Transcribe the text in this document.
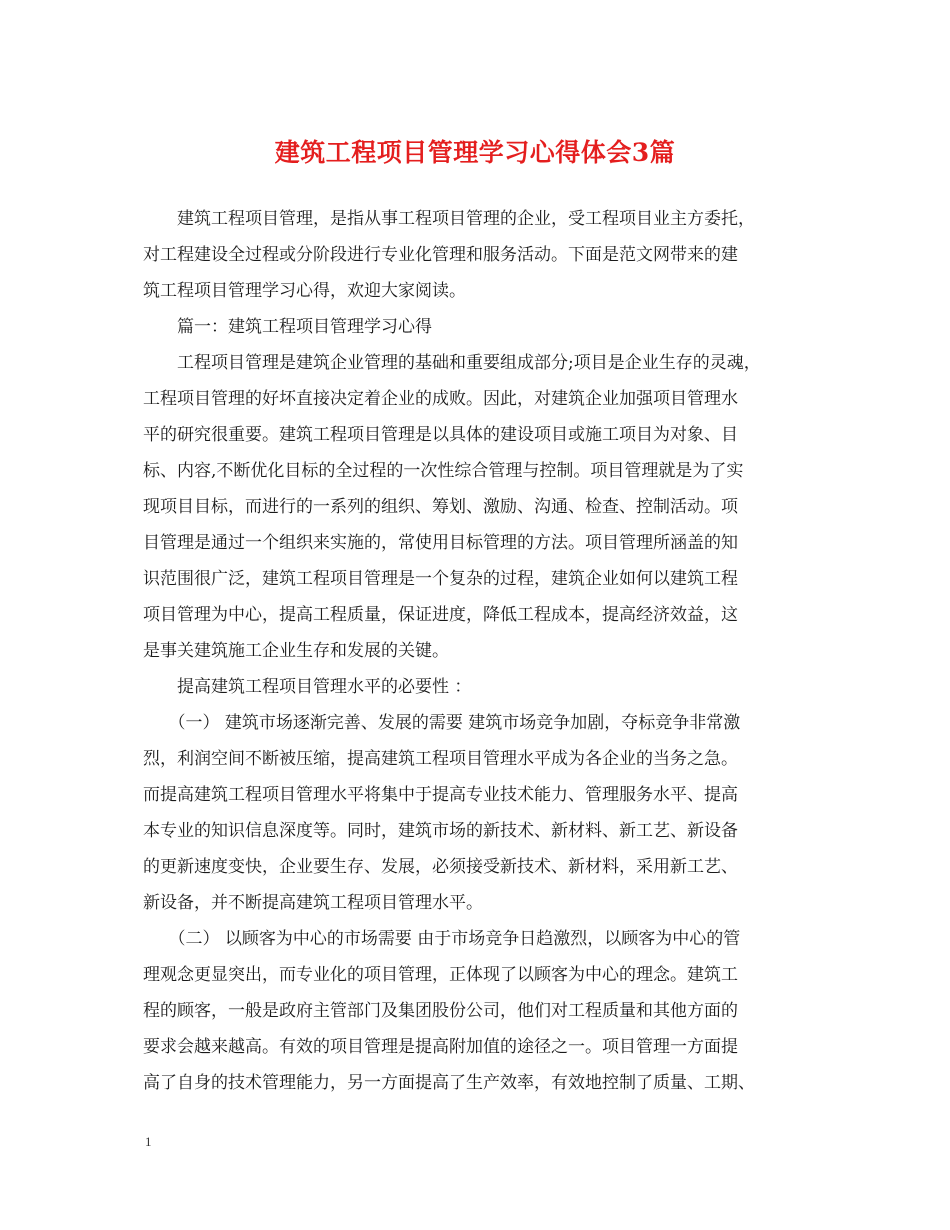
建筑工程项目管理学习心得体会3篇
　　建筑工程项目管理，是指从事工程项目管理的企业，受工程项目业主方委托，
对工程建设全过程或分阶段进行专业化管理和服务活动。下面是范文网带来的建
筑工程项目管理学习心得，欢迎大家阅读。
　　篇一：建筑工程项目管理学习心得
　　工程项目管理是建筑企业管理的基础和重要组成部分;项目是企业生存的灵魂，
工程项目管理的好坏直接决定着企业的成败。因此，对建筑企业加强项目管理水
平的研究很重要。建筑工程项目管理是以具体的建设项目或施工项目为对象、目
标、内容,不断优化目标的全过程的一次性综合管理与控制。项目管理就是为了实
现项目目标，而进行的一系列的组织、筹划、激励、沟通、检查、控制活动。项
目管理是通过一个组织来实施的，常使用目标管理的方法。项目管理所涵盖的知
识范围很广泛，建筑工程项目管理是一个复杂的过程，建筑企业如何以建筑工程
项目管理为中心，提高工程质量，保证进度，降低工程成本，提高经济效益，这
是事关建筑施工企业生存和发展的关键。
　　提高建筑工程项目管理水平的必要性 ：
　　（一） 建筑市场逐渐完善、发展的需要 建筑市场竞争加剧，夺标竞争非常激
烈，利润空间不断被压缩，提高建筑工程项目管理水平成为各企业的当务之急。
而提高建筑工程项目管理水平将集中于提高专业技术能力、管理服务水平、提高
本专业的知识信息深度等。同时，建筑市场的新技术、新材料、新工艺、新设备
的更新速度变快，企业要生存、发展，必须接受新技术、新材料，采用新工艺、
新设备，并不断提高建筑工程项目管理水平。
　　（二） 以顾客为中心的市场需要 由于市场竞争日趋激烈，以顾客为中心的管
理观念更显突出，而专业化的项目管理，正体现了以顾客为中心的理念。建筑工
程的顾客，一般是政府主管部门及集团股份公司，他们对工程质量和其他方面的
要求会越来越高。有效的项目管理是提高附加值的途径之一。项目管理一方面提
高了自身的技术管理能力，另一方面提高了生产效率，有效地控制了质量、工期、
1
